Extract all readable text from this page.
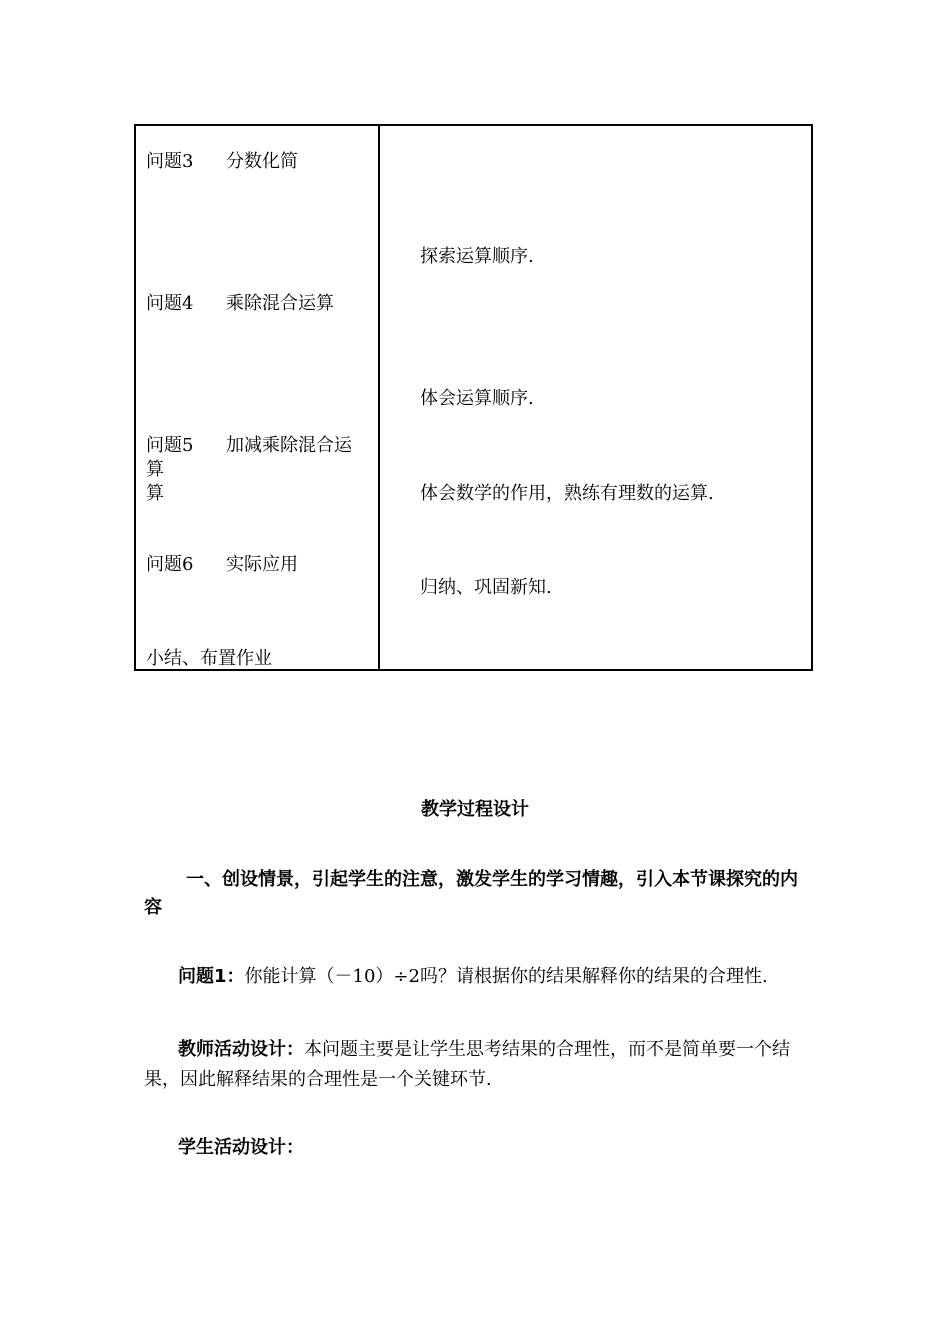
问题3 分数化简
问题4 乘除混合运算
问题5 加减乘除混合运算
算
问题6 实际应用
小结、布置作业
探索运算顺序.
体会运算顺序.
体会数学的作用，熟练有理数的运算.
归纳、巩固新知.
教学过程设计
一、创设情景，引起学生的注意，激发学生的学习情趣，引入本节课探究的内容
问题1：你能计算（－10）÷2吗？请根据你的结果解释你的结果的合理性.
教师活动设计：本问题主要是让学生思考结果的合理性，而不是简单要一个结果，因此解释结果的合理性是一个关键环节.
学生活动设计：
